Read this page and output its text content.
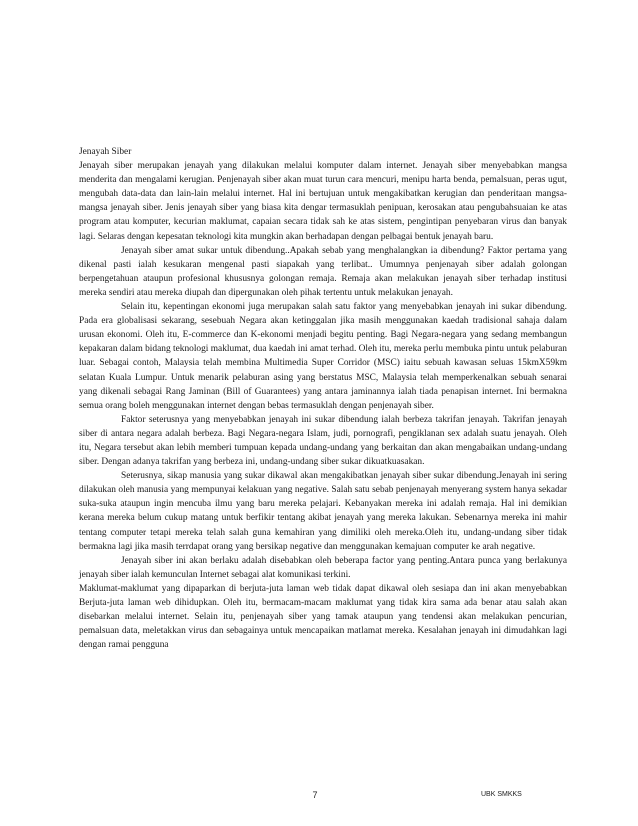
Jenayah Siber

Jenayah siber merupakan jenayah yang dilakukan melalui komputer dalam internet. Jenayah siber menyebabkan mangsa menderita dan mengalami kerugian. Penjenayah siber akan muat turun cara mencuri, menipu harta benda, pemalsuan, peras ugut, mengubah data-data dan lain-lain melalui internet. Hal ini bertujuan untuk mengakibatkan kerugian dan penderitaan mangsa-mangsa jenayah siber. Jenis jenayah siber yang biasa kita dengar termasuklah penipuan, kerosakan atau pengubahsuaian ke atas program atau komputer, kecurian maklumat, capaian secara tidak sah ke atas sistem, pengintipan penyebaran virus dan banyak lagi. Selaras dengan kepesatan teknologi kita mungkin akan berhadapan dengan pelbagai bentuk jenayah baru.

Jenayah siber amat sukar untuk dibendung..Apakah sebab yang menghalangkan ia dibendung? Faktor pertama yang dikenal pasti ialah kesukaran mengenal pasti siapakah yang terlibat.. Umumnya penjenayah siber adalah golongan berpengetahuan ataupun profesional khususnya golongan remaja. Remaja akan melakukan jenayah siber terhadap institusi mereka sendiri atau mereka diupah dan dipergunakan oleh pihak tertentu untuk melakukan jenayah.

Selain itu, kepentingan ekonomi juga merupakan salah satu faktor yang menyebabkan jenayah ini sukar dibendung. Pada era globalisasi sekarang, sesebuah Negara akan ketinggalan jika masih menggunakan kaedah tradisional sahaja dalam urusan ekonomi. Oleh itu, E-commerce dan K-ekonomi menjadi begitu penting. Bagi Negara-negara yang sedang membangun kepakaran dalam bidang teknologi maklumat, dua kaedah ini amat terhad. Oleh itu, mereka perlu membuka pintu untuk pelaburan luar. Sebagai contoh, Malaysia telah membina Multimedia Super Corridor (MSC) iaitu sebuah kawasan seluas 15kmX59km selatan Kuala Lumpur. Untuk menarik pelaburan asing yang berstatus MSC, Malaysia telah memperkenalkan sebuah senarai yang dikenali sebagai Rang Jaminan (Bill of Guarantees) yang antara jaminannya ialah tiada penapisan internet. Ini bermakna semua orang boleh menggunakan internet dengan bebas termasuklah dengan penjenayah siber.

Faktor seterusnya yang menyebabkan jenayah ini sukar dibendung ialah berbeza takrifan jenayah. Takrifan jenayah siber di antara negara adalah berbeza. Bagi Negara-negara Islam, judi, pornografi, pengiklanan sex adalah suatu jenayah. Oleh itu, Negara tersebut akan lebih memberi tumpuan kepada undang-undang yang berkaitan dan akan mengabaikan undang-undang siber. Dengan adanya takrifan yang berbeza ini, undang-undang siber sukar dikuatkuasakan.

Seterusnya, sikap manusia yang sukar dikawal akan mengakibatkan jenayah siber sukar dibendung.Jenayah ini sering dilakukan oleh manusia yang mempunyai kelakuan yang negative. Salah satu sebab penjenayah menyerang system hanya sekadar suka-suka ataupun ingin mencuba ilmu yang baru mereka pelajari. Kebanyakan mereka ini adalah remaja. Hal ini demikian kerana mereka belum cukup matang untuk berfikir tentang akibat jenayah yang mereka lakukan. Sebenarnya mereka ini mahir tentang computer tetapi mereka telah salah guna kemahiran yang dimiliki oleh mereka.Oleh itu, undang-undang siber tidak bermakna lagi jika masih terrdapat orang yang bersikap negative dan menggunakan kemajuan computer ke arah negative.

Jenayah siber ini akan berlaku adalah disebabkan oleh beberapa factor yang penting.Antara punca yang berlakunya jenayah siber ialah kemunculan Internet sebagai alat komunikasi terkini.

Maklumat-maklumat yang dipaparkan di berjuta-juta laman web tidak dapat dikawal oleh sesiapa dan ini akan menyebabkan Berjuta-juta laman web dihidupkan. Oleh itu, bermacam-macam maklumat yang tidak kira sama ada benar atau salah akan disebarkan melalui internet. Selain itu, penjenayah siber yang tamak ataupun yang tendensi akan melakukan pencurian, pemalsuan data, meletakkan virus dan sebagainya untuk mencapaikan matlamat mereka. Kesalahan jenayah ini dimudahkan lagi dengan ramai pengguna

7	UBK SMKKS
